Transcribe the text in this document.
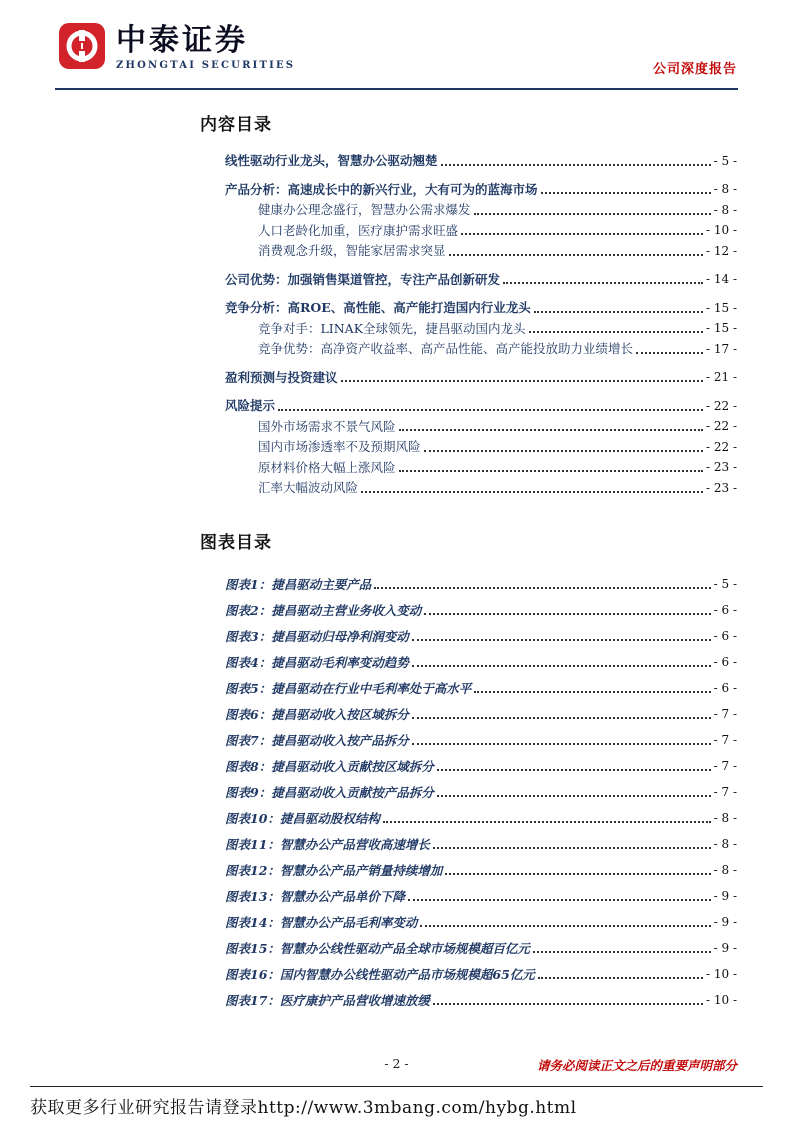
中泰证券
ZHONGTAI SECURITIES	公司深度报告
内容目录
线性驱动行业龙头，智慧办公驱动翘楚	- 5 -
产品分析：高速成长中的新兴行业，大有可为的蓝海市场	- 8 -
健康办公理念盛行，智慧办公需求爆发	- 8 -
人口老龄化加重，医疗康护需求旺盛	- 10 -
消费观念升级，智能家居需求突显	- 12 -
公司优势：加强销售渠道管控，专注产品创新研发	- 14 -
竞争分析：高ROE、高性能、高产能打造国内行业龙头	- 15 -
竞争对手：LINAK全球领先，捷昌驱动国内龙头	- 15 -
竞争优势：高净资产收益率、高产品性能、高产能投放助力业绩增长	- 17 -
盈利预测与投资建议	- 21 -
风险提示	- 22 -
国外市场需求不景气风险	- 22 -
国内市场渗透率不及预期风险	- 22 -
原材料价格大幅上涨风险	- 23 -
汇率大幅波动风险	- 23 -
图表目录
图表1：捷昌驱动主要产品	- 5 -
图表2：捷昌驱动主营业务收入变动	- 6 -
图表3：捷昌驱动归母净利润变动	- 6 -
图表4：捷昌驱动毛利率变动趋势	- 6 -
图表5：捷昌驱动在行业中毛利率处于高水平	- 6 -
图表6：捷昌驱动收入按区域拆分	- 7 -
图表7：捷昌驱动收入按产品拆分	- 7 -
图表8：捷昌驱动收入贡献按区域拆分	- 7 -
图表9：捷昌驱动收入贡献按产品拆分	- 7 -
图表10：捷昌驱动股权结构	- 8 -
图表11：智慧办公产品营收高速增长	- 8 -
图表12：智慧办公产品产销量持续增加	- 8 -
图表13：智慧办公产品单价下降	- 9 -
图表14：智慧办公产品毛利率变动	- 9 -
图表15：智慧办公线性驱动产品全球市场规模超百亿元	- 9 -
图表16：国内智慧办公线性驱动产品市场规模超65亿元	- 10 -
图表17：医疗康护产品营收增速放缓	- 10 -
- 2 -	请务必阅读正文之后的重要声明部分
获取更多行业研究报告请登录http://www.3mbang.com/hybg.html
